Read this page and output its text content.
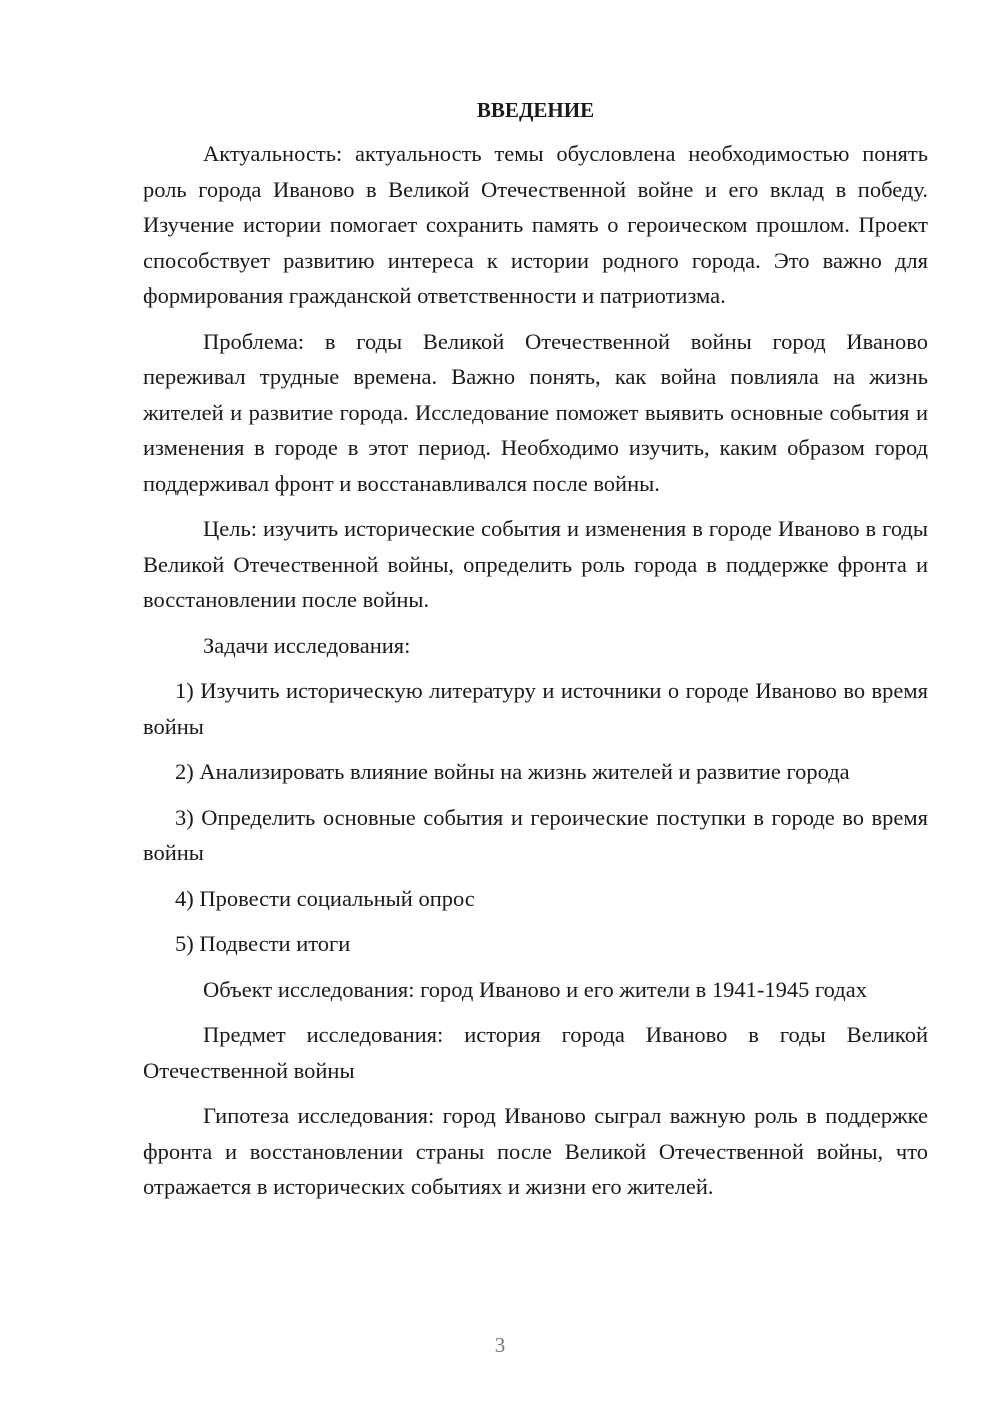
ВВЕДЕНИЕ

Актуальность: актуальность темы обусловлена необходимостью понять роль города Иваново в Великой Отечественной войне и его вклад в победу. Изучение истории помогает сохранить память о героическом прошлом. Проект способствует развитию интереса к истории родного города. Это важно для формирования гражданской ответственности и патриотизма.

Проблема: в годы Великой Отечественной войны город Иваново переживал трудные времена. Важно понять, как война повлияла на жизнь жителей и развитие города. Исследование поможет выявить основные события и изменения в городе в этот период. Необходимо изучить, каким образом город поддерживал фронт и восстанавливался после войны.

Цель: изучить исторические события и изменения в городе Иваново в годы Великой Отечественной войны, определить роль города в поддержке фронта и восстановлении после войны.

Задачи исследования:

1) Изучить историческую литературу и источники о городе Иваново во время войны

2) Анализировать влияние войны на жизнь жителей и развитие города

3) Определить основные события и героические поступки в городе во время войны

4) Провести социальный опрос

5) Подвести итоги

Объект исследования: город Иваново и его жители в 1941-1945 годах

Предмет исследования: история города Иваново в годы Великой Отечественной войны

Гипотеза исследования: город Иваново сыграл важную роль в поддержке фронта и восстановлении страны после Великой Отечественной войны, что отражается в исторических событиях и жизни его жителей.

3
